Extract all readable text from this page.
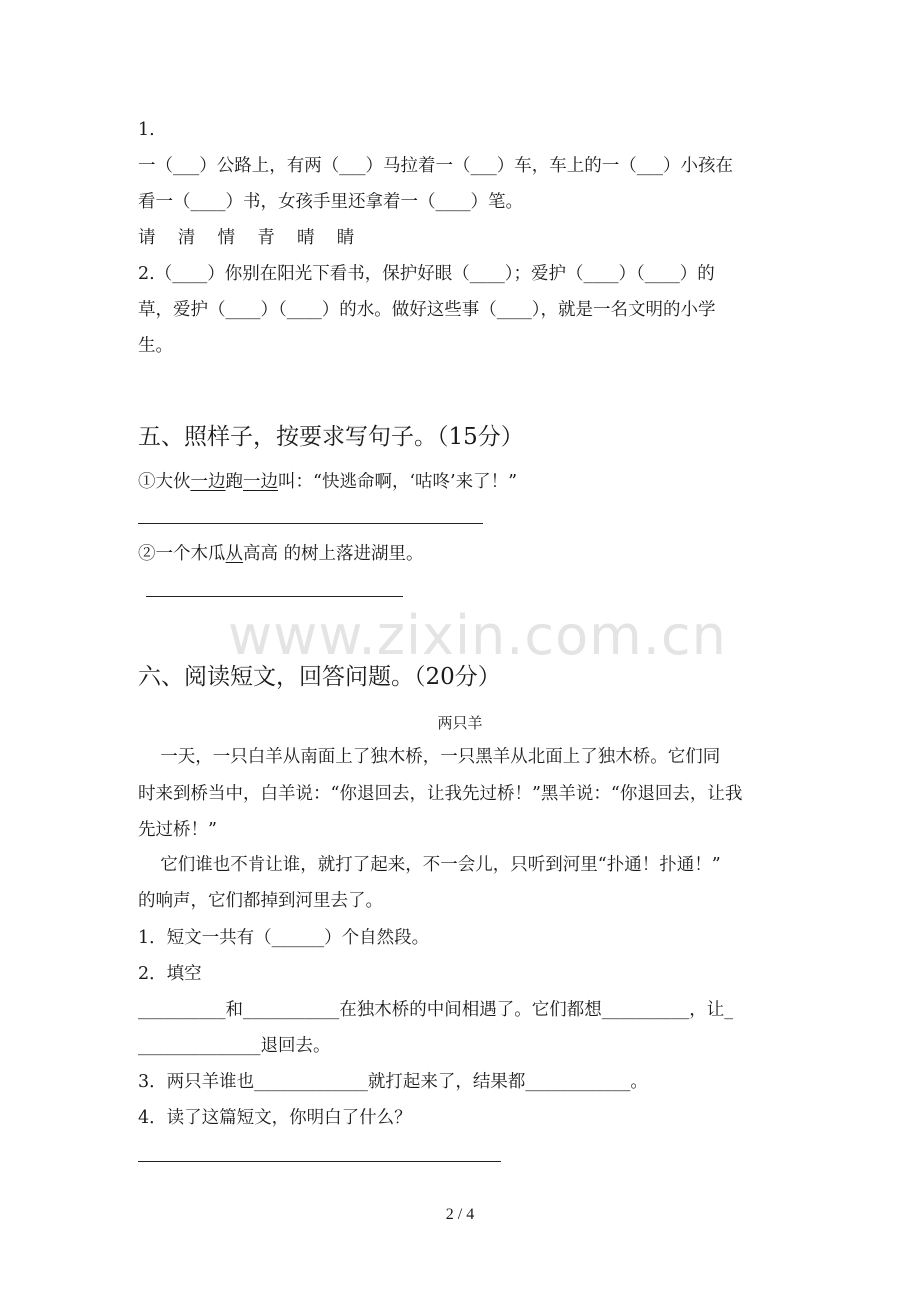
1.
一（___）公路上，有两（___）马拉着一（___）车，车上的一（___）小孩在
看一（____）书，女孩手里还拿着一（____）笔。
请    清    情    青    晴    睛
2.（____）你别在阳光下看书，保护好眼（____）；爱护（____）（____）的
草，爱护（____）（____）的水。做好这些事（____），就是一名文明的小学
生。
五、照样子，按要求写句子。（15分）
①大伙一边跑一边叫：“快逃命啊，‘咕咚’来了！”
②一个木瓜从高高 的树上落进湖里。
www.zixin.com.cn
六、阅读短文，回答问题。（20分）
两只羊
一天，一只白羊从南面上了独木桥，一只黑羊从北面上了独木桥。它们同
时来到桥当中，白羊说：“你退回去，让我先过桥！”黑羊说：“你退回去，让我
先过桥！”
它们谁也不肯让谁，就打了起来，不一会儿，只听到河里“扑通！扑通！”
的响声，它们都掉到河里去了。
1．短文一共有（______）个自然段。
2．填空
__________和___________在独木桥的中间相遇了。它们都想__________，让_
______________退回去。
3．两只羊谁也_____________就打起来了，结果都____________。
4．读了这篇短文，你明白了什么？
2 / 4
